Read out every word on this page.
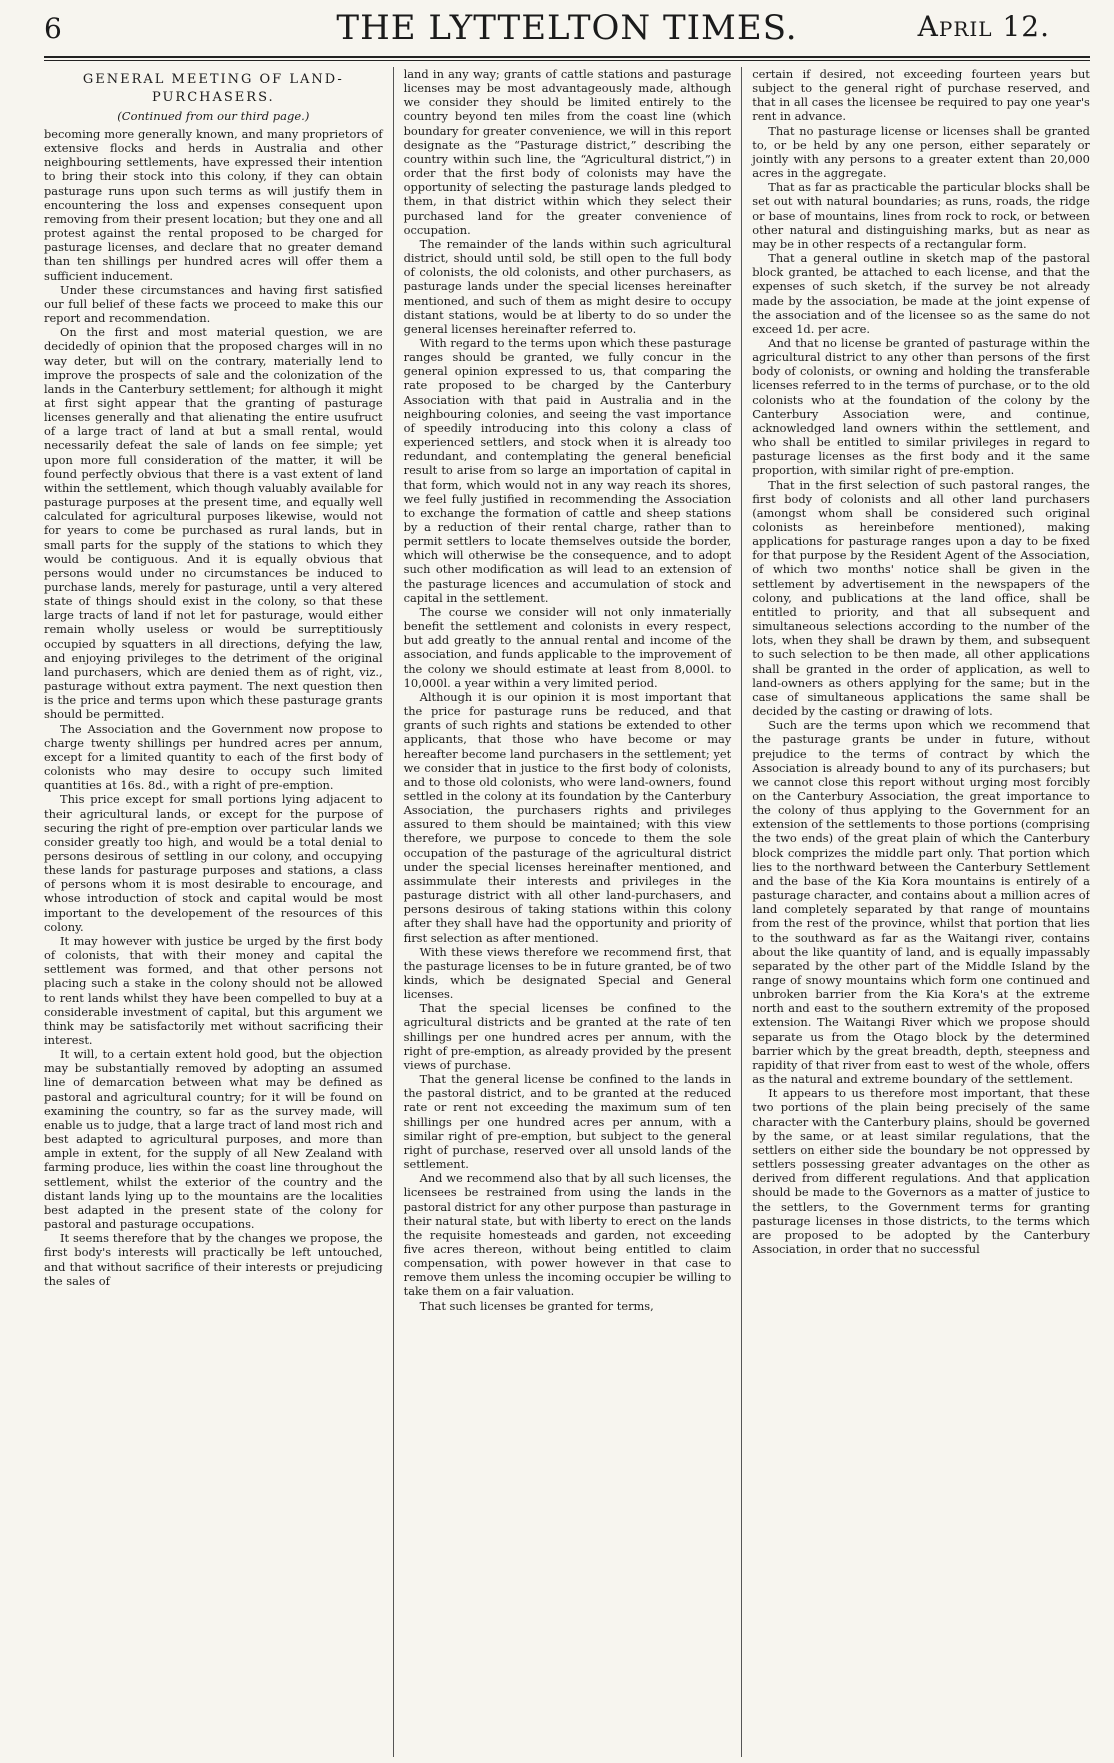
6	THE LYTTELTON TIMES.	April 12.
GENERAL MEETING OF LAND-PURCHASERS.
(Continued from our third page.)

becoming more generally known, and many proprietors of extensive flocks and herds in Australia and other neighbouring settlements, have expressed their intention to bring their stock into this colony, if they can obtain pasturage runs upon such terms as will justify them in encountering the loss and expenses consequent upon removing from their present location; but they one and all protest against the rental proposed to be charged for pasturage licenses, and declare that no greater demand than ten shillings per hundred acres will offer them a sufficient inducement.

Under these circumstances and having first satisfied our full belief of these facts we proceed to make this our report and recommendation.

On the first and most material question, we are decidedly of opinion that the proposed charges will in no way deter, but will on the contrary, materially lend to improve the prospects of sale and the colonization of the lands in the Canterbury settlement; for although it might at first sight appear that the granting of pasturage licenses generally and that alienating the entire usufruct of a large tract of land at but a small rental, would necessarily defeat the sale of lands on fee simple; yet upon more full consideration of the matter, it will be found perfectly obvious that there is a vast extent of land within the settlement, which though valuably available for pasturage purposes at the present time, and equally well calculated for agricultural purposes likewise, would not for years to come be purchased as rural lands, but in small parts for the supply of the stations to which they would be contiguous. And it is equally obvious that persons would under no circumstances be induced to purchase lands, merely for pasturage, until a very altered state of things should exist in the colony, so that these large tracts of land if not let for pasturage, would either remain wholly useless or would be surreptitiously occupied by squatters in all directions, defying the law, and enjoying privileges to the detriment of the original land purchasers, which are denied them as of right, viz., pasturage without extra payment. The next question then is the price and terms upon which these pasturage grants should be permitted.

The Association and the Government now propose to charge twenty shillings per hundred acres per annum, except for a limited quantity to each of the first body of colonists who may desire to occupy such limited quantities at 16s. 8d., with a right of pre-emption.

This price except for small portions lying adjacent to their agricultural lands, or except for the purpose of securing the right of pre-emption over particular lands we consider greatly too high, and would be a total denial to persons desirous of settling in our colony, and occupying these lands for pasturage purposes and stations, a class of persons whom it is most desirable to encourage, and whose introduction of stock and capital would be most important to the developement of the resources of this colony.

It may however with justice be urged by the first body of colonists, that with their money and capital the settlement was formed, and that other persons not placing such a stake in the colony should not be allowed to rent lands whilst they have been compelled to buy at a considerable investment of capital, but this argument we think may be satisfactorily met without sacrificing their interest.

It will, to a certain extent hold good, but the objection may be substantially removed by adopting an assumed line of demarcation between what may be defined as pastoral and agricultural country; for it will be found on examining the country, so far as the survey made, will enable us to judge, that a large tract of land most rich and best adapted to agricultural purposes, and more than ample in extent, for the supply of all New Zealand with farming produce, lies within the coast line throughout the settlement, whilst the exterior of the country and the distant lands lying up to the mountains are the localities best adapted in the present state of the colony for pastoral and pasturage occupations.

It seems therefore that by the changes we propose, the first body's interests will practically be left untouched, and that without sacrifice of their interests or prejudicing the sales of

land in any way; grants of cattle stations and pasturage licenses may be most advantageously made, although we consider they should be limited entirely to the country beyond ten miles from the coast line (which boundary for greater convenience, we will in this report designate as the “Pasturage district,” describing the country within such line, the “Agricultural district,”) in order that the first body of colonists may have the opportunity of selecting the pasturage lands pledged to them, in that district within which they select their purchased land for the greater convenience of occupation.

The remainder of the lands within such agricultural district, should until sold, be still open to the full body of colonists, the old colonists, and other purchasers, as pasturage lands under the special licenses hereinafter mentioned, and such of them as might desire to occupy distant stations, would be at liberty to do so under the general licenses hereinafter referred to.

With regard to the terms upon which these pasturage ranges should be granted, we fully concur in the general opinion expressed to us, that comparing the rate proposed to be charged by the Canterbury Association with that paid in Australia and in the neighbouring colonies, and seeing the vast importance of speedily introducing into this colony a class of experienced settlers, and stock when it is already too redundant, and contemplating the general beneficial result to arise from so large an importation of capital in that form, which would not in any way reach its shores, we feel fully justified in recommending the Association to exchange the formation of cattle and sheep stations by a reduction of their rental charge, rather than to permit settlers to locate themselves outside the border, which will otherwise be the consequence, and to adopt such other modification as will lead to an extension of the pasturage licences and accumulation of stock and capital in the settlement.

The course we consider will not only inmaterially benefit the settlement and colonists in every respect, but add greatly to the annual rental and income of the association, and funds applicable to the improvement of the colony we should estimate at least from 8,000l. to 10,000l. a year within a very limited period.

Although it is our opinion it is most important that the price for pasturage runs be reduced, and that grants of such rights and stations be extended to other applicants, that those who have become or may hereafter become land purchasers in the settlement; yet we consider that in justice to the first body of colonists, and to those old colonists, who were land-owners, found settled in the colony at its foundation by the Canterbury Association, the purchasers rights and privileges assured to them should be maintained; with this view therefore, we purpose to concede to them the sole occupation of the pasturage of the agricultural district under the special licenses hereinafter mentioned, and assimmulate their interests and privileges in the pasturage district with all other land-purchasers, and persons desirous of taking stations within this colony after they shall have had the opportunity and priority of first selection as after mentioned.

With these views therefore we recommend first, that the pasturage licenses to be in future granted, be of two kinds, which be designated Special and General licenses.

That the special licenses be confined to the agricultural districts and be granted at the rate of ten shillings per one hundred acres per annum, with the right of pre-emption, as already provided by the present views of purchase.

That the general license be confined to the lands in the pastoral district, and to be granted at the reduced rate or rent not exceeding the maximum sum of ten shillings per one hundred acres per annum, with a similar right of pre-emption, but subject to the general right of purchase, reserved over all unsold lands of the settlement.

And we recommend also that by all such licenses, the licensees be restrained from using the lands in the pastoral district for any other purpose than pasturage in their natural state, but with liberty to erect on the lands the requisite homesteads and garden, not exceeding five acres thereon, without being entitled to claim compensation, with power however in that case to remove them unless the incoming occupier be willing to take them on a fair valuation.

That such licenses be granted for terms,

certain if desired, not exceeding fourteen years but subject to the general right of purchase reserved, and that in all cases the licensee be required to pay one year's rent in advance.

That no pasturage license or licenses shall be granted to, or be held by any one person, either separately or jointly with any persons to a greater extent than 20,000 acres in the aggregate.

That as far as practicable the particular blocks shall be set out with natural boundaries; as runs, roads, the ridge or base of mountains, lines from rock to rock, or between other natural and distinguishing marks, but as near as may be in other respects of a rectangular form.

That a general outline in sketch map of the pastoral block granted, be attached to each license, and that the expenses of such sketch, if the survey be not already made by the association, be made at the joint expense of the association and of the licensee so as the same do not exceed 1d. per acre.

And that no license be granted of pasturage within the agricultural district to any other than persons of the first body of colonists, or owning and holding the transferable licenses referred to in the terms of purchase, or to the old colonists who at the foundation of the colony by the Canterbury Association were, and continue, acknowledged land owners within the settlement, and who shall be entitled to similar privileges in regard to pasturage licenses as the first body and it the same proportion, with similar right of pre-emption.

That in the first selection of such pastoral ranges, the first body of colonists and all other land purchasers (amongst whom shall be considered such original colonists as hereinbefore mentioned), making applications for pasturage ranges upon a day to be fixed for that purpose by the Resident Agent of the Association, of which two months' notice shall be given in the settlement by advertisement in the newspapers of the colony, and publications at the land office, shall be entitled to priority, and that all subsequent and simultaneous selections according to the number of the lots, when they shall be drawn by them, and subsequent to such selection to be then made, all other applications shall be granted in the order of application, as well to land-owners as others applying for the same; but in the case of simultaneous applications the same shall be decided by the casting or drawing of lots.

Such are the terms upon which we recommend that the pasturage grants be under in future, without prejudice to the terms of contract by which the Association is already bound to any of its purchasers; but we cannot close this report without urging most forcibly on the Canterbury Association, the great importance to the colony of thus applying to the Government for an extension of the settlements to those portions (comprising the two ends) of the great plain of which the Canterbury block comprizes the middle part only. That portion which lies to the northward between the Canterbury Settlement and the base of the Kia Kora mountains is entirely of a pasturage character, and contains about a million acres of land completely separated by that range of mountains from the rest of the province, whilst that portion that lies to the southward as far as the Waitangi river, contains about the like quantity of land, and is equally impassably separated by the other part of the Middle Island by the range of snowy mountains which form one continued and unbroken barrier from the Kia Kora's at the extreme north and east to the southern extremity of the proposed extension. The Waitangi River which we propose should separate us from the Otago block by the determined barrier which by the great breadth, depth, steepness and rapidity of that river from east to west of the whole, offers as the natural and extreme boundary of the settlement.

It appears to us therefore most important, that these two portions of the plain being precisely of the same character with the Canterbury plains, should be governed by the same, or at least similar regulations, that the settlers on either side the boundary be not oppressed by settlers possessing greater advantages on the other as derived from different regulations. And that application should be made to the Governors as a matter of justice to the settlers, to the Government terms for granting pasturage licenses in those districts, to the terms which are proposed to be adopted by the Canterbury Association, in order that no successful
